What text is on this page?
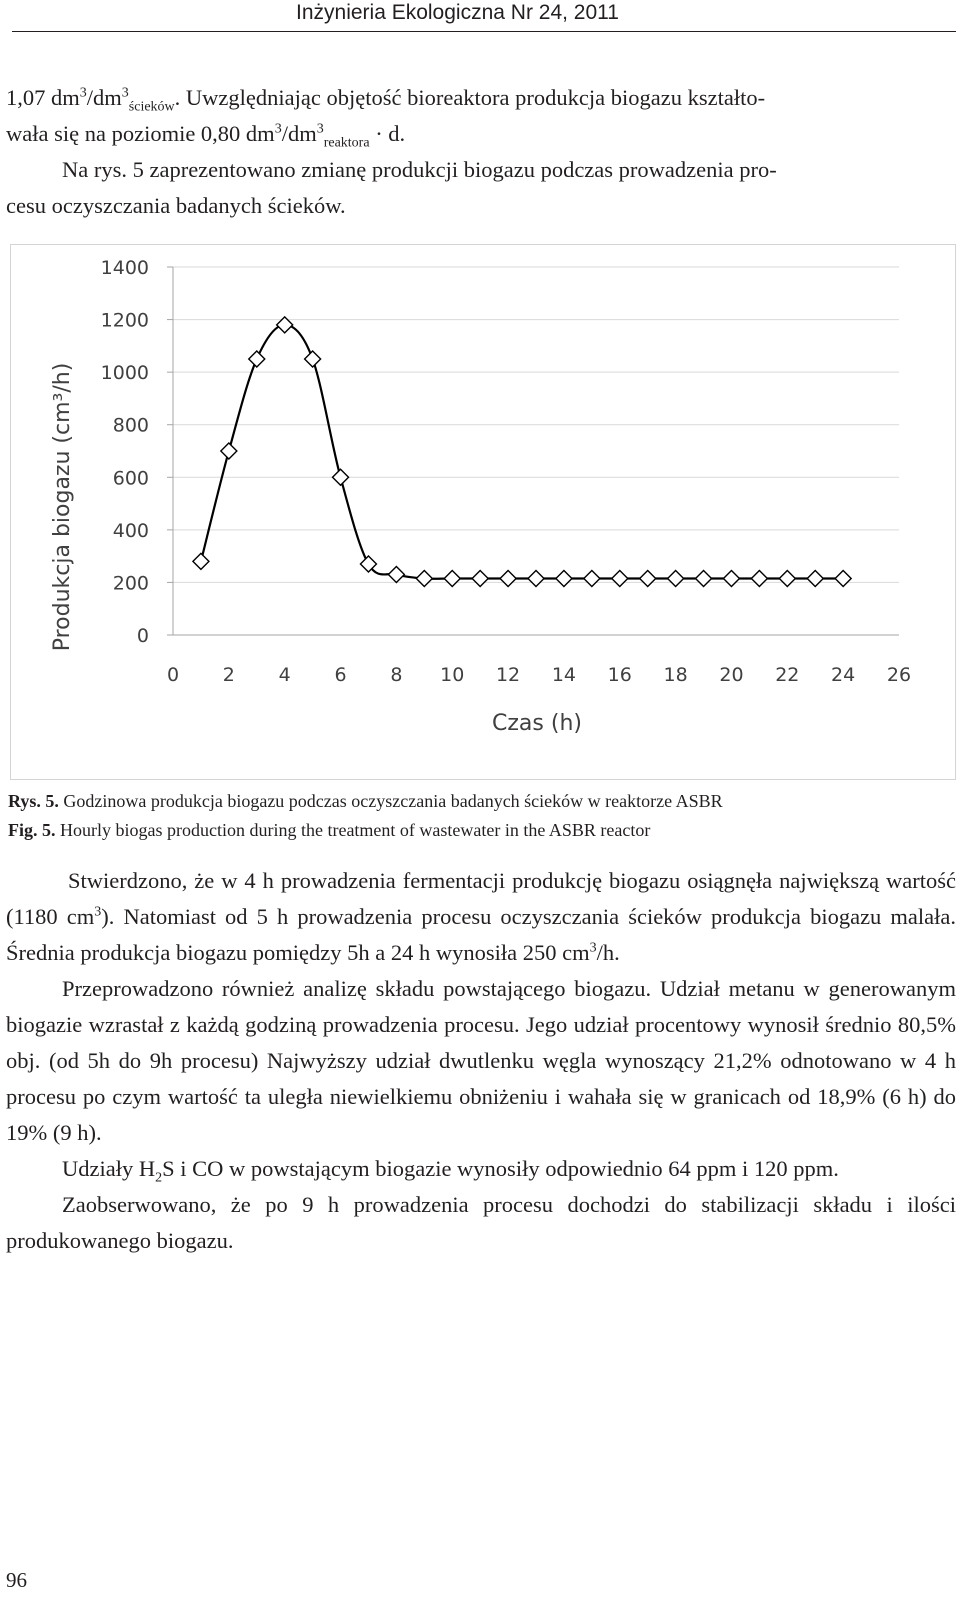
Inżynieria Ekologiczna Nr 24, 2011
1,07 $dm^3/dm^3_{ścieków}$. Uwzględniając objętość bioreaktora produkcja biogazu kształto-
wała się na poziomie 0,80 $dm^3/dm^3_{reaktora} \cdot d$.
Na rys. 5 zaprezentowano zmianę produkcji biogazu podczas prowadzenia pro-
cesu oczyszczania badanych ścieków.
0
200
400
600
800
1000
1200
1400
0 2 4 6 8 10 12 14 16 18 20 22 24 26
Produkcja biogazu (cm³/h)
Czas (h)
Rys. 5. Godzinowa produkcja biogazu podczas oczyszczania badanych ścieków w reaktorze ASBR
Fig. 5. Hourly biogas production during the treatment of wastewater in the ASBR reactor
Stwierdzono, że w 4 h prowadzenia fermentacji produkcję biogazu osiągnęła największą wartość (1180 $cm^3$). Natomiast od 5 h prowadzenia procesu oczyszczania ścieków produkcja biogazu malała. Średnia produkcja biogazu pomiędzy 5h a 24 h wynosiła 250 $cm^3/h$.
Przeprowadzono również analizę składu powstającego biogazu. Udział metanu w generowanym biogazie wzrastał z każdą godziną prowadzenia procesu. Jego udział procentowy wynosił średnio 80,5% obj. (od 5h do 9h procesu) Najwyższy udział dwutlenku węgla wynoszący 21,2% odnotowano w 4 h procesu po czym wartość ta uległa niewielkiemu obniżeniu i wahała się w granicach od 18,9% (6 h) do 19% (9 h).
Udziały $H_2S$ i CO w powstającym biogazie wynosiły odpowiednio 64 ppm i 120 ppm.
Zaobserwowano, że po 9 h prowadzenia procesu dochodzi do stabilizacji składu i ilości produkowanego biogazu.
96
